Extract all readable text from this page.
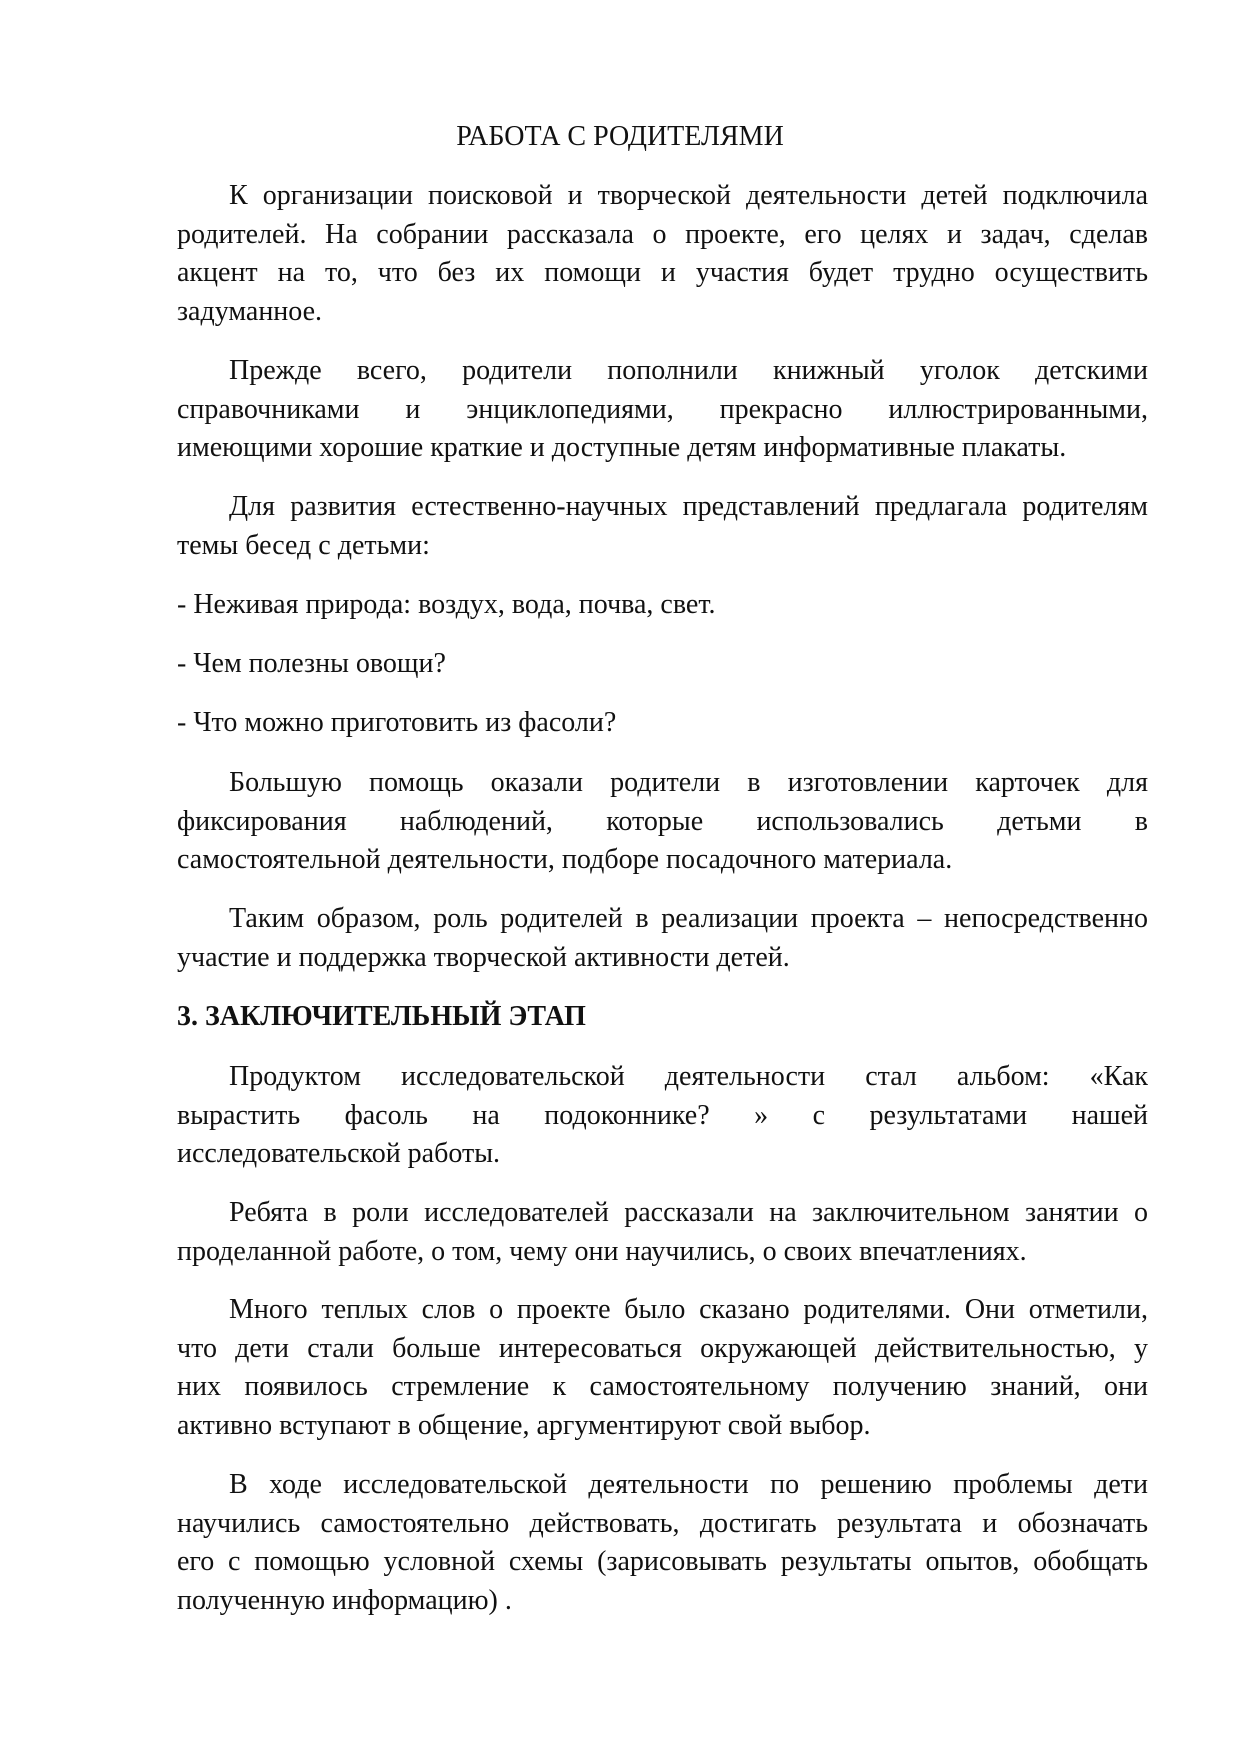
РАБОТА С РОДИТЕЛЯМИ
К организации поисковой и творческой деятельности детей подключила
родителей. На собрании рассказала о проекте, его целях и задач, сделав
акцент на то, что без их помощи и участия будет трудно осуществить
задуманное.
Прежде всего, родители пополнили книжный уголок детскими
справочниками и энциклопедиями, прекрасно иллюстрированными,
имеющими хорошие краткие и доступные детям информативные плакаты.
Для развития естественно-научных представлений предлагала родителям
темы бесед с детьми:
- Неживая природа: воздух, вода, почва, свет.
- Чем полезны овощи?
- Что можно приготовить из фасоли?
Большую помощь оказали родители в изготовлении карточек для
фиксирования наблюдений, которые использовались детьми в
самостоятельной деятельности, подборе посадочного материала.
Таким образом, роль родителей в реализации проекта – непосредственно
участие и поддержка творческой активности детей.
3. ЗАКЛЮЧИТЕЛЬНЫЙ ЭТАП
Продуктом исследовательской деятельности стал альбом: «Как
вырастить фасоль на подоконнике? » с результатами нашей
исследовательской работы.
Ребята в роли исследователей рассказали на заключительном занятии о
проделанной работе, о том, чему они научились, о своих впечатлениях.
Много теплых слов о проекте было сказано родителями. Они отметили,
что дети стали больше интересоваться окружающей действительностью, у
них появилось стремление к самостоятельному получению знаний, они
активно вступают в общение, аргументируют свой выбор.
В ходе исследовательской деятельности по решению проблемы дети
научились самостоятельно действовать, достигать результата и обозначать
его с помощью условной схемы (зарисовывать результаты опытов, обобщать
полученную информацию) .
